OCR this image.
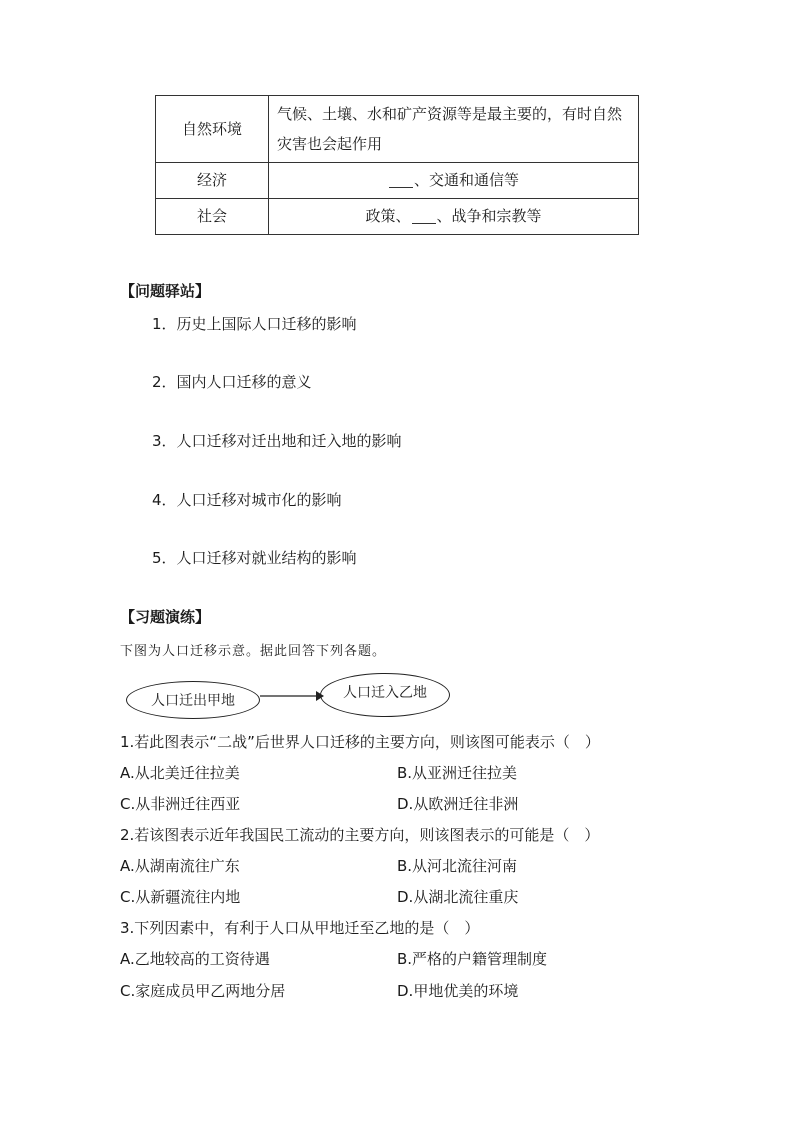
自然环境	气候、土壤、水和矿产资源等是最主要的，有时自然灾害也会起作用
经济	、交通和通信等
社会	政策、 、战争和宗教等
【问题驿站】
1．历史上国际人口迁移的影响
2．国内人口迁移的意义
3．人口迁移对迁出地和迁入地的影响
4．人口迁移对城市化的影响
5．人口迁移对就业结构的影响
【习题演练】
下图为人口迁移示意。据此回答下列各题。
人口迁出甲地	人口迁入乙地
1.若此图表示“二战”后世界人口迁移的主要方向，则该图可能表示（　）
A.从北美迁往拉美	B.从亚洲迁往拉美
C.从非洲迁往西亚	D.从欧洲迁往非洲
2.若该图表示近年我国民工流动的主要方向，则该图表示的可能是（　）
A.从湖南流往广东	B.从河北流往河南
C.从新疆流往内地	D.从湖北流往重庆
3.下列因素中，有利于人口从甲地迁至乙地的是（　）
A.乙地较高的工资待遇	B.严格的户籍管理制度
C.家庭成员甲乙两地分居	D.甲地优美的环境
